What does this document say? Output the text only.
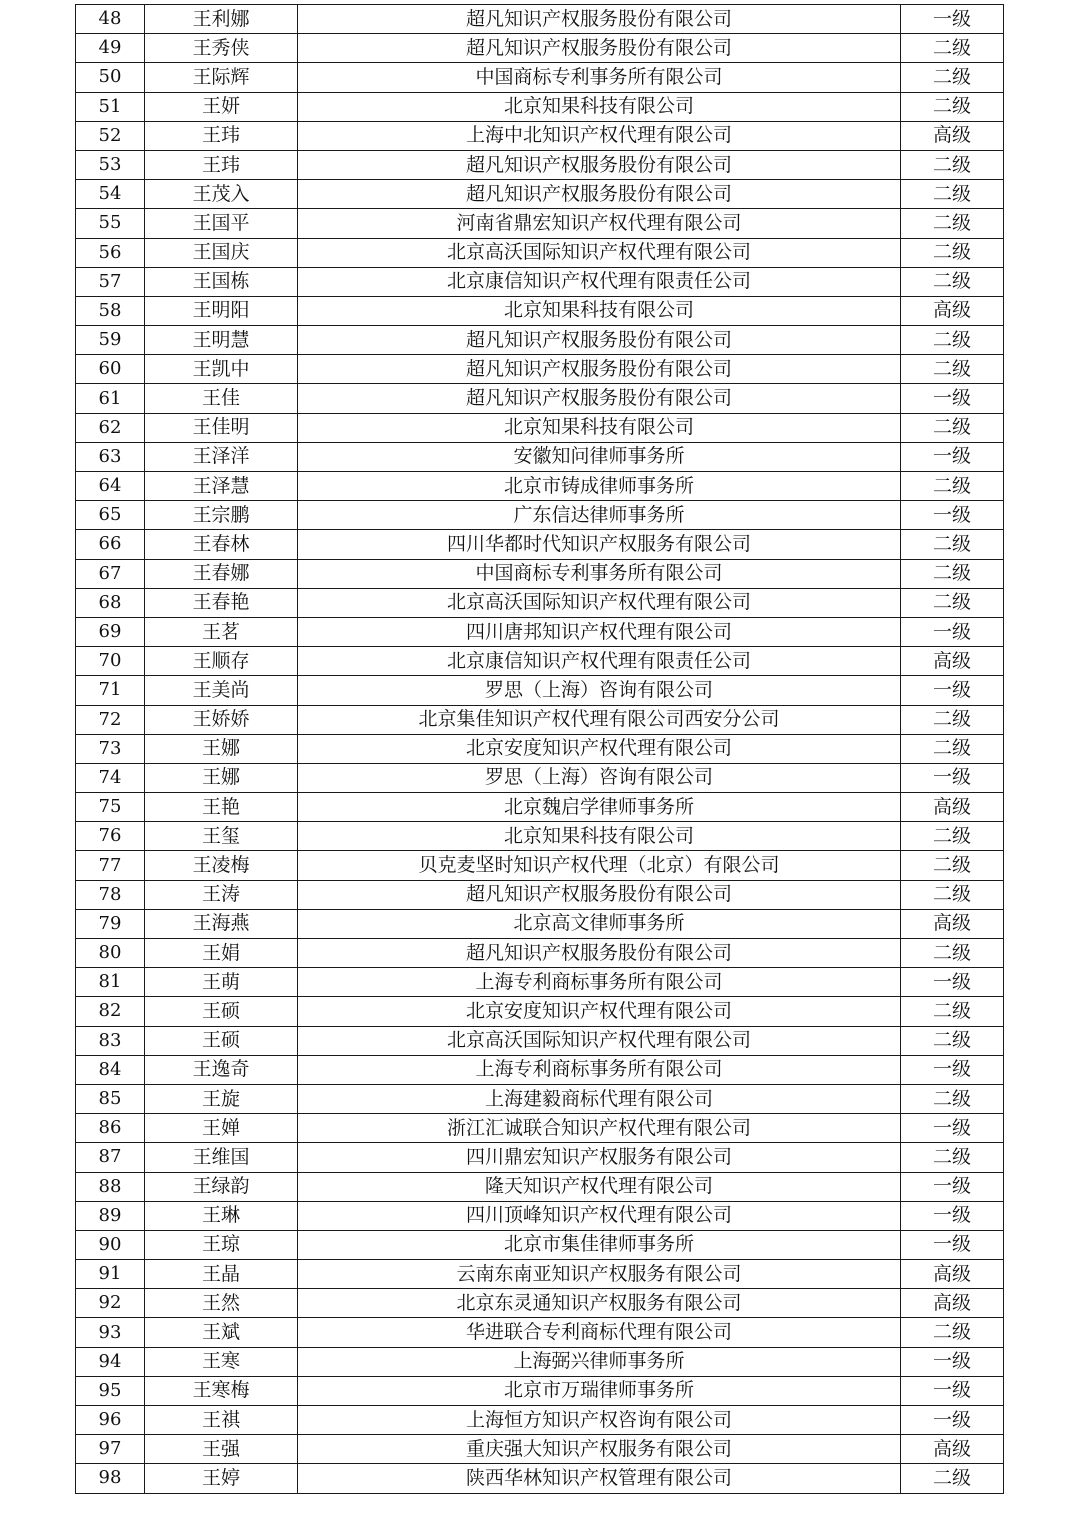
48	王利娜	超凡知识产权服务股份有限公司	一级
49	王秀侠	超凡知识产权服务股份有限公司	二级
50	王际辉	中国商标专利事务所有限公司	二级
51	王妍	北京知果科技有限公司	二级
52	王玮	上海中北知识产权代理有限公司	高级
53	王玮	超凡知识产权服务股份有限公司	二级
54	王茂入	超凡知识产权服务股份有限公司	二级
55	王国平	河南省鼎宏知识产权代理有限公司	二级
56	王国庆	北京高沃国际知识产权代理有限公司	二级
57	王国栋	北京康信知识产权代理有限责任公司	二级
58	王明阳	北京知果科技有限公司	高级
59	王明慧	超凡知识产权服务股份有限公司	二级
60	王凯中	超凡知识产权服务股份有限公司	二级
61	王佳	超凡知识产权服务股份有限公司	一级
62	王佳明	北京知果科技有限公司	二级
63	王泽洋	安徽知问律师事务所	一级
64	王泽慧	北京市铸成律师事务所	二级
65	王宗鹏	广东信达律师事务所	一级
66	王春林	四川华都时代知识产权服务有限公司	二级
67	王春娜	中国商标专利事务所有限公司	二级
68	王春艳	北京高沃国际知识产权代理有限公司	二级
69	王茗	四川唐邦知识产权代理有限公司	一级
70	王顺存	北京康信知识产权代理有限责任公司	高级
71	王美尚	罗思（上海）咨询有限公司	一级
72	王娇娇	北京集佳知识产权代理有限公司西安分公司	二级
73	王娜	北京安度知识产权代理有限公司	二级
74	王娜	罗思（上海）咨询有限公司	一级
75	王艳	北京魏启学律师事务所	高级
76	王玺	北京知果科技有限公司	二级
77	王凌梅	贝克麦坚时知识产权代理（北京）有限公司	二级
78	王涛	超凡知识产权服务股份有限公司	二级
79	王海燕	北京高文律师事务所	高级
80	王娟	超凡知识产权服务股份有限公司	二级
81	王萌	上海专利商标事务所有限公司	一级
82	王硕	北京安度知识产权代理有限公司	二级
83	王硕	北京高沃国际知识产权代理有限公司	二级
84	王逸奇	上海专利商标事务所有限公司	一级
85	王旋	上海建毅商标代理有限公司	二级
86	王婵	浙江汇诚联合知识产权代理有限公司	一级
87	王维国	四川鼎宏知识产权服务有限公司	二级
88	王绿韵	隆天知识产权代理有限公司	一级
89	王琳	四川顶峰知识产权代理有限公司	一级
90	王琼	北京市集佳律师事务所	一级
91	王晶	云南东南亚知识产权服务有限公司	高级
92	王然	北京东灵通知识产权服务有限公司	高级
93	王斌	华进联合专利商标代理有限公司	二级
94	王寒	上海弼兴律师事务所	一级
95	王寒梅	北京市万瑞律师事务所	一级
96	王祺	上海恒方知识产权咨询有限公司	一级
97	王强	重庆强大知识产权服务有限公司	高级
98	王婷	陕西华林知识产权管理有限公司	二级
